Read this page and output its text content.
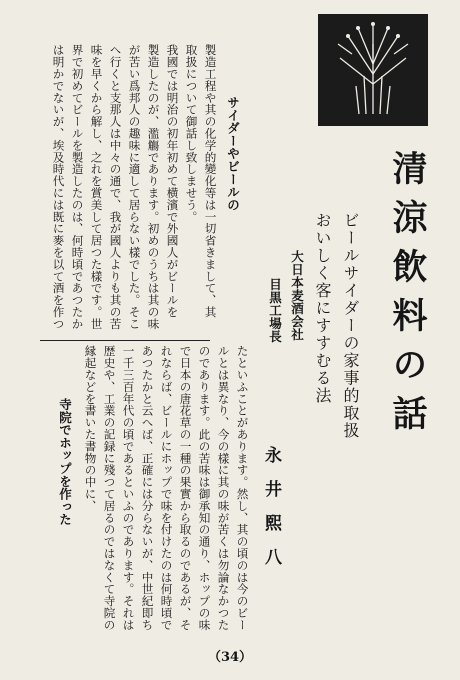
清涼飲料の話
ビールサイダーの家事的取扱
おいしく客にすすむる法
大日本麦酒会社
目黒工場長
永　井　熙　八
サイダーやビールの
製造工程や其の化学的變化等は一切省きまして、其
取扱について御話し致しませう。
我國では明治の初年初めて横濱で外國人がビールを
製造したのが、濫觴であります。初めのうちは其の味
が苦い爲邦人の趣味に適して居らない樣でした。そこ
へ行くと支那人は中々の通で、我が國人よりも其の苦
味を早くから解し、之れを賞美して居つた樣です。世
界で初めてビールを製造したのは、何時頃であつたか
は明かでないが、埃及時代には既に麥を以て酒を作つ
たといふことがあります。然し、其の頃のは今のビー
ルとは異なり、今の樣に其の味が苦くは勿論なかつた
のであります。此の苦味は御承知の通り、ホップの味
で日本の唐花草の一種の果實から取るのであるが、そ
れならば、ビールにホップで味を付けたのは何時頃で
あつたかと云へば、正確には分らないが、中世紀即ち
一千三百年代の頃であるといふのであります。それは
歴史や、工業の記録に殘つて居るのではなくて寺院の
縁起などを書いた書物の中に、
寺院でホップを作った
（34）
